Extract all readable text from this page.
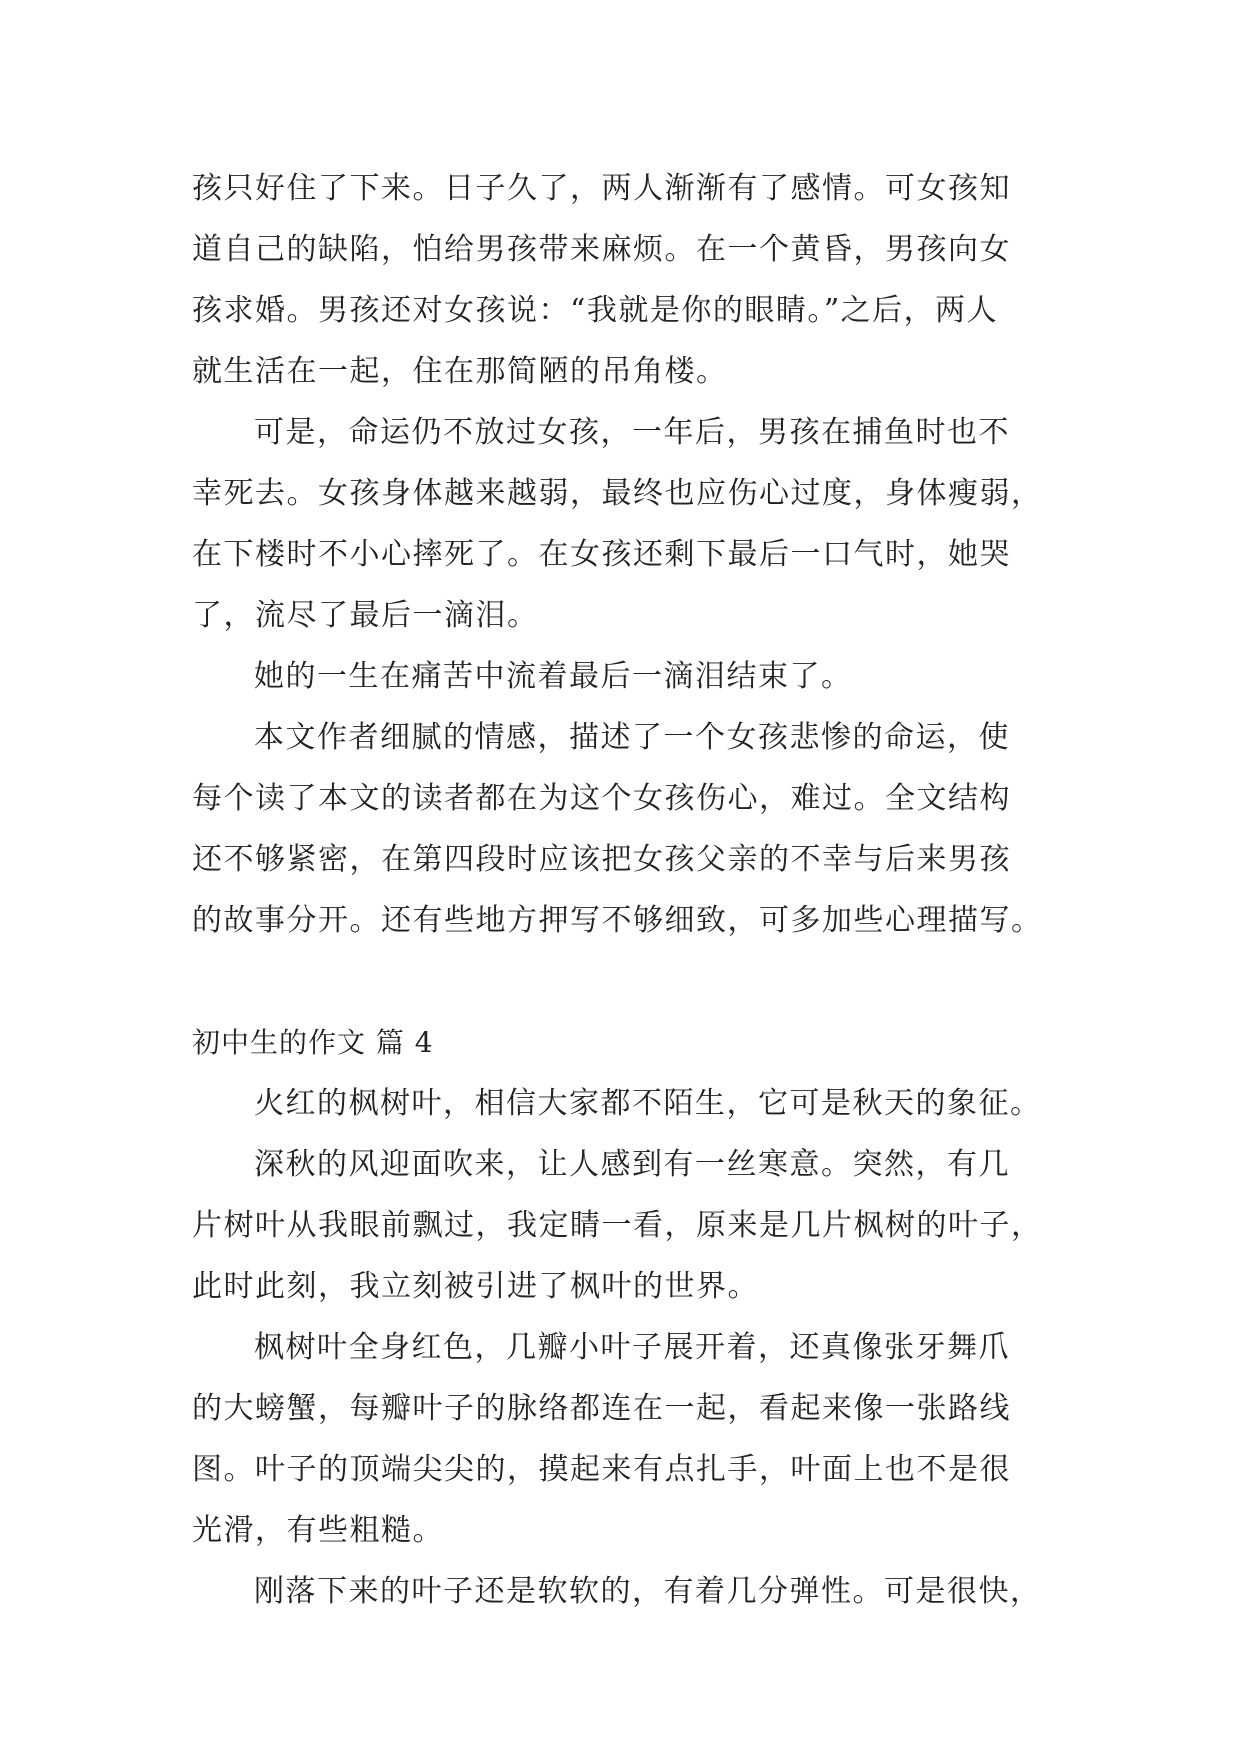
孩只好住了下来。日子久了，两人渐渐有了感情。可女孩知
道自己的缺陷，怕给男孩带来麻烦。在一个黄昏，男孩向女
孩求婚。男孩还对女孩说：“我就是你的眼睛。”之后，两人
就生活在一起，住在那简陋的吊角楼。
可是，命运仍不放过女孩，一年后，男孩在捕鱼时也不
幸死去。女孩身体越来越弱，最终也应伤心过度，身体瘦弱，
在下楼时不小心摔死了。在女孩还剩下最后一口气时，她哭
了，流尽了最后一滴泪。
她的一生在痛苦中流着最后一滴泪结束了。
本文作者细腻的情感，描述了一个女孩悲惨的命运，使
每个读了本文的读者都在为这个女孩伤心，难过。全文结构
还不够紧密，在第四段时应该把女孩父亲的不幸与后来男孩
的故事分开。还有些地方押写不够细致，可多加些心理描写。
初中生的作文 篇 4
火红的枫树叶，相信大家都不陌生，它可是秋天的象征。
深秋的风迎面吹来，让人感到有一丝寒意。突然，有几
片树叶从我眼前飘过，我定睛一看，原来是几片枫树的叶子，
此时此刻，我立刻被引进了枫叶的世界。
枫树叶全身红色，几瓣小叶子展开着，还真像张牙舞爪
的大螃蟹，每瓣叶子的脉络都连在一起，看起来像一张路线
图。叶子的顶端尖尖的，摸起来有点扎手，叶面上也不是很
光滑，有些粗糙。
刚落下来的叶子还是软软的，有着几分弹性。可是很快，
